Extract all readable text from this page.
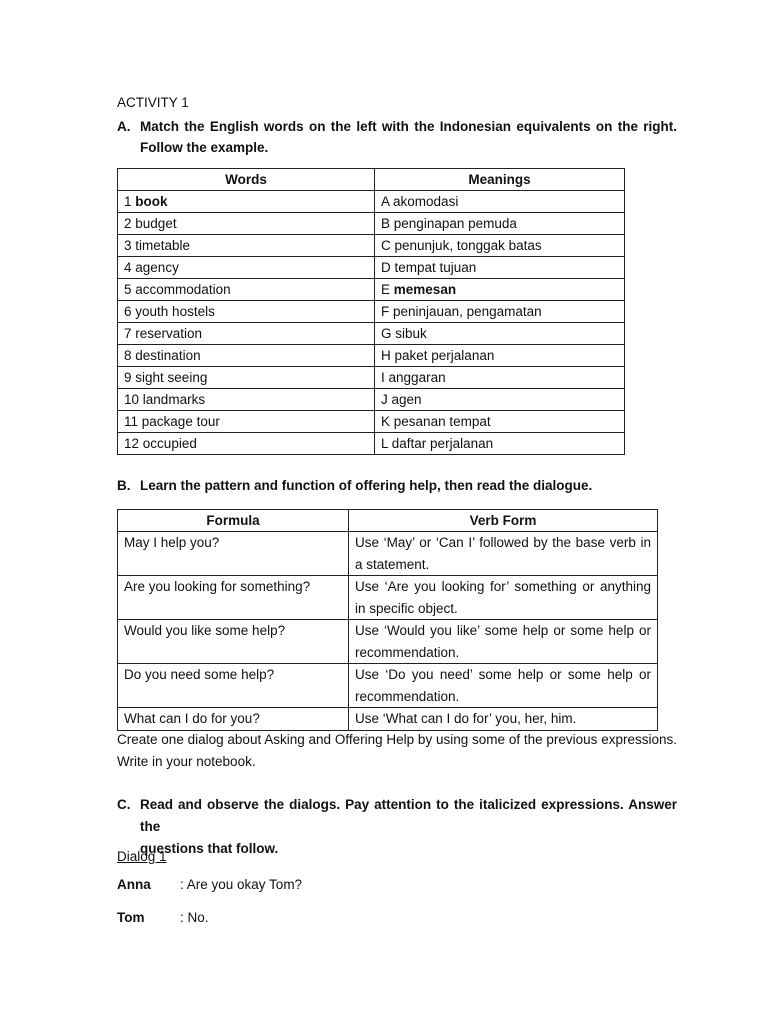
ACTIVITY 1
A. Match the English words on the left with the Indonesian equivalents on the right.
Follow the example.
Words	Meanings
1 book	A akomodasi
2 budget	B penginapan pemuda
3 timetable	C penunjuk, tonggak batas
4 agency	D tempat tujuan
5 accommodation	E memesan
6 youth hostels	F peninjauan, pengamatan
7 reservation	G sibuk
8 destination	H paket perjalanan
9 sight seeing	I anggaran
10 landmarks	J agen
11 package tour	K pesanan tempat
12 occupied	L daftar perjalanan
B. Learn the pattern and function of offering help, then read the dialogue.
Formula	Verb Form
May I help you?	Use ‘May’ or ‘Can I’ followed by the base verb in a statement.
Are you looking for something?	Use ‘Are you looking for’ something or anything in specific object.
Would you like some help?	Use ‘Would you like’ some help or some help or recommendation.
Do you need some help?	Use ‘Do you need’ some help or some help or recommendation.
What can I do for you?	Use ‘What can I do for’ you, her, him.
Create one dialog about Asking and Offering Help by using some of the previous expressions. Write in your notebook.
C. Read and observe the dialogs. Pay attention to the italicized expressions. Answer the
questions that follow.
Dialog 1
Anna : Are you okay Tom?
Tom	: No.
